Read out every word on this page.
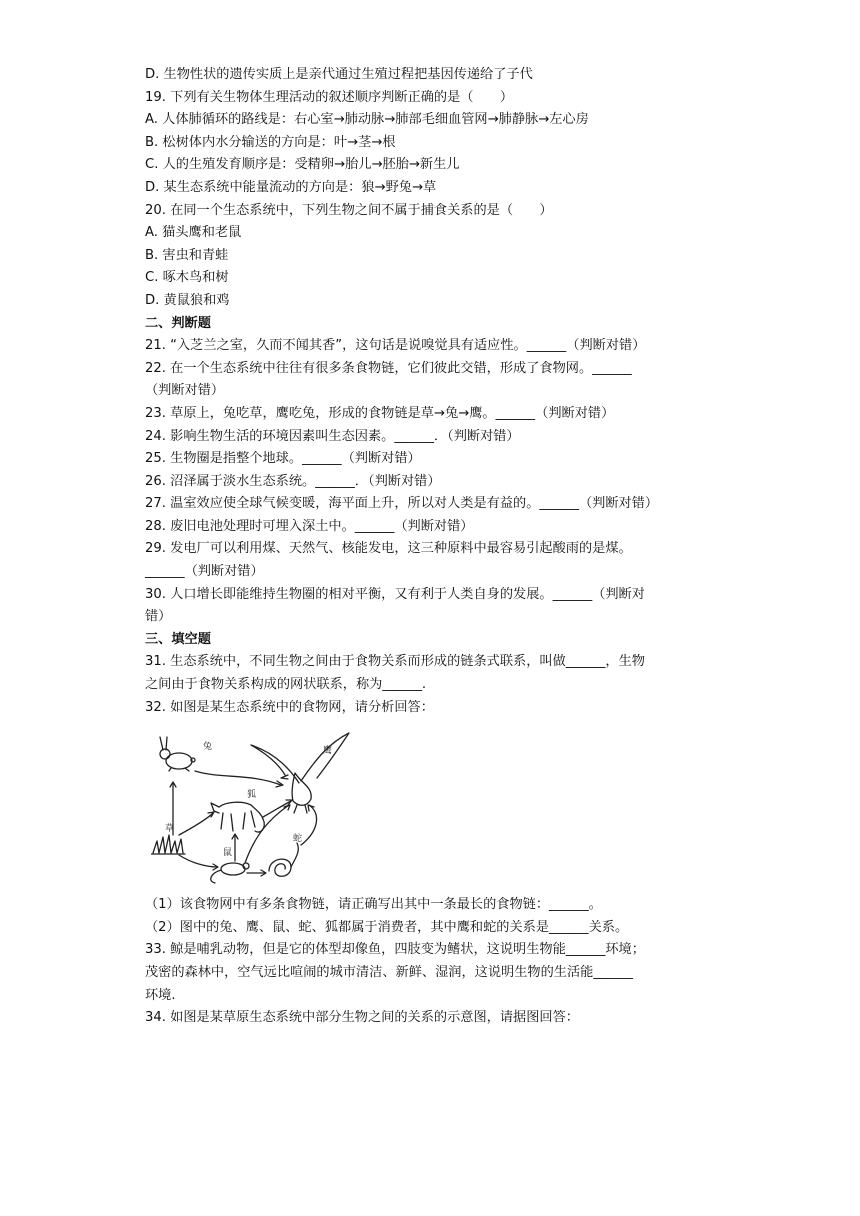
D. 生物性状的遗传实质上是亲代通过生殖过程把基因传递给了子代
19. 下列有关生物体生理活动的叙述顺序判断正确的是（　　）
A. 人体肺循环的路线是：右心室→肺动脉→肺部毛细血管网→肺静脉→左心房
B. 松树体内水分输送的方向是：叶→茎→根
C. 人的生殖发育顺序是：受精卵→胎儿→胚胎→新生儿
D. 某生态系统中能量流动的方向是：狼→野兔→草
20. 在同一个生态系统中，下列生物之间不属于捕食关系的是（　　）
A. 猫头鹰和老鼠
B. 害虫和青蛙
C. 啄木鸟和树
D. 黄鼠狼和鸡
二、判断题
21. “入芝兰之室，久而不闻其香”，这句话是说嗅觉具有适应性。______（判断对错）
22. 在一个生态系统中往往有很多条食物链，它们彼此交错，形成了食物网。______
（判断对错）
23. 草原上，兔吃草，鹰吃兔，形成的食物链是草→兔→鹰。______（判断对错）
24. 影响生物生活的环境因素叫生态因素。______．（判断对错）
25. 生物圈是指整个地球。______（判断对错）
26. 沼泽属于淡水生态系统。______．（判断对错）
27. 温室效应使全球气候变暖，海平面上升，所以对人类是有益的。______（判断对错）
28. 废旧电池处理时可埋入深土中。______（判断对错）
29. 发电厂可以利用煤、天然气、核能发电，这三种原料中最容易引起酸雨的是煤。
______（判断对错）
30. 人口增长即能维持生物圈的相对平衡，又有利于人类自身的发展。______（判断对
错）
三、填空题
31. 生态系统中，不同生物之间由于食物关系而形成的链条式联系，叫做______，生物
之间由于食物关系构成的网状联系，称为______.
32. 如图是某生态系统中的食物网，请分析回答：
兔	鹰
狐
草
鼠
蛇
（1）该食物网中有多条食物链，请正确写出其中一条最长的食物链：______。
（2）图中的兔、鹰、鼠、蛇、狐都属于消费者，其中鹰和蛇的关系是______关系。
33. 鲸是哺乳动物，但是它的体型却像鱼，四肢变为鳍状，这说明生物能______环境；
茂密的森林中，空气远比喧闹的城市清洁、新鲜、湿润，这说明生物的生活能______
环境.
34. 如图是某草原生态系统中部分生物之间的关系的示意图，请据图回答：
